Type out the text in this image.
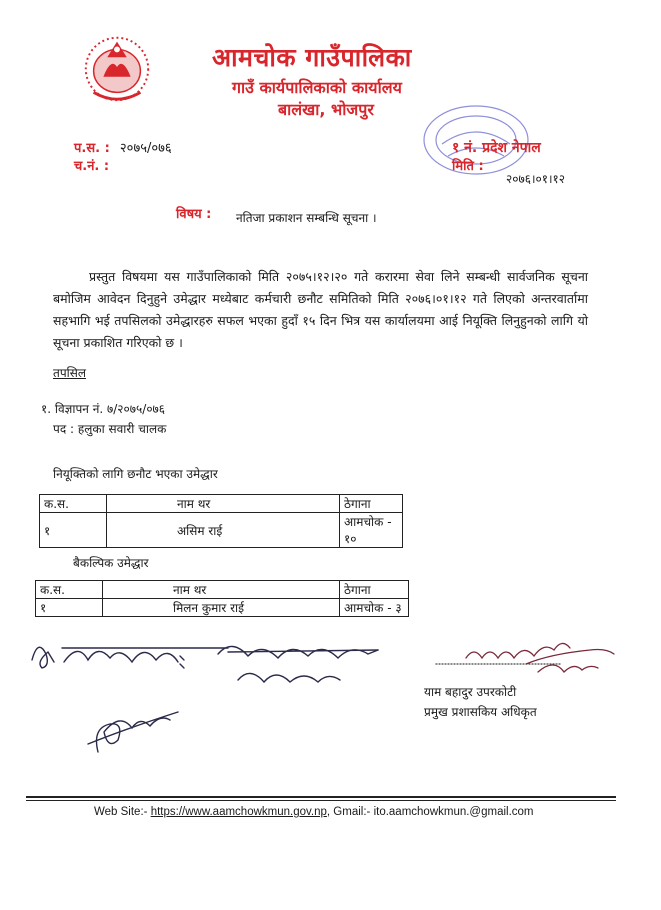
आमचोक गाउँपालिका
गाउँ कार्यपालिकाको कार्यालय
बालंखा, भोजपुर
प.स. : २०७५/०७६
च.नं. :
१ नं. प्रदेश नेपाल
मिति :
२०७६।०१।१२
विषय : नतिजा प्रकाशन सम्बन्धि सूचना ।
प्रस्तुत विषयमा यस गाउँपालिकाको मिति २०७५।१२।२० गते करारमा सेवा लिने सम्बन्धी सार्वजनिक सूचना बमोजिम आवेदन दिनुहुने उमेद्धार मध्येबाट कर्मचारी छनौट समितिको मिति २०७६।०१।१२ गते लिएको अन्तरवार्तामा सहभागि भई तपसिलको उमेद्धारहरु सफल भएका हुदाँ १५ दिन भित्र यस कार्यालयमा आई नियूक्ति लिनुहुनको लागि यो सूचना प्रकाशित गरिएको छ ।
तपसिल
१. विज्ञापन नं. ७/२०७५/०७६
पद : हलुका सवारी चालक
नियूक्तिको लागि छनौट भएका उमेद्धार
क.स.	नाम थर	ठेगाना
१	असिम राई	आमचोक - १०
बैकल्पिक उमेद्धार
क.स.	नाम थर	ठेगाना
१	मिलन कुमार राई	आमचोक - ३
याम बहादुर उपरकोटी
प्रमुख प्रशासकिय अधिकृत
Web Site:- https://www.aamchowkmun.gov.np, Gmail:- ito.aamchowkmun.@gmail.com
